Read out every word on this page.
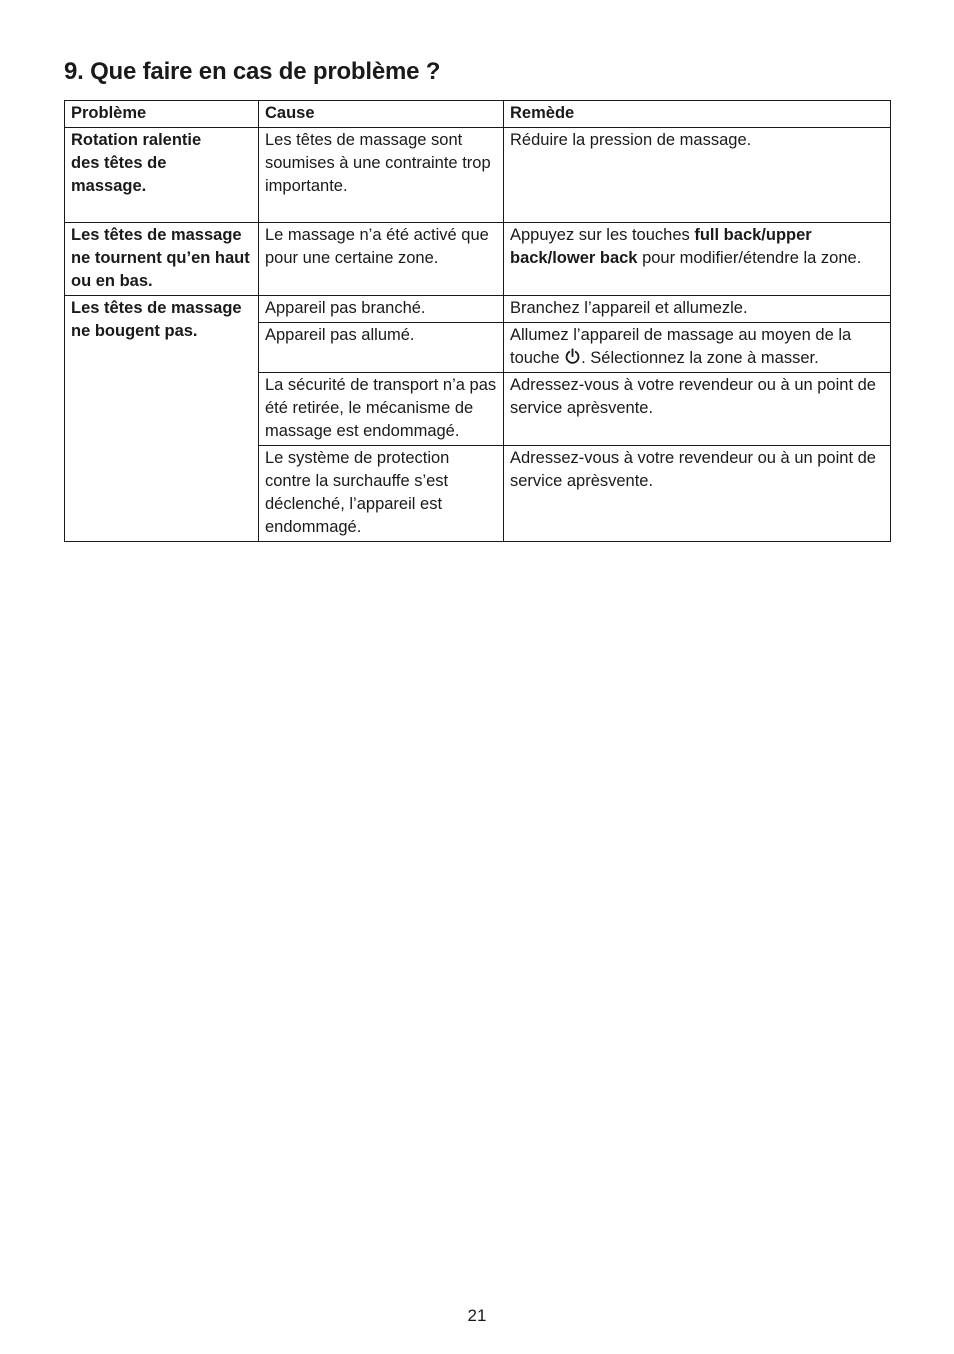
9. Que faire en cas de problème ?
Problème	Cause	Remède
Rotation ralentie des têtes de massage.	Les têtes de massage sont soumises à une contrainte trop importante.	Réduire la pression de massage.
Les têtes de massage ne tournent qu’en haut ou en bas.	Le massage n’a été activé que pour une certaine zone.	Appuyez sur les touches full back/upper back/lower back pour modifier/étendre la zone.
Les têtes de massage ne bougent pas.	Appareil pas branché.	Branchez l’appareil et allumezle.
	Appareil pas allumé.	Allumez l’appareil de massage au moyen de la touche . Sélectionnez la zone à masser.
	La sécurité de transport n’a pas été retirée, le mécanisme de massage est endommagé.	Adressez-vous à votre revendeur ou à un point de service aprèsvente.
	Le système de protection contre la surchauffe s’est déclenché, l’appareil est endommagé.	Adressez-vous à votre revendeur ou à un point de service aprèsvente.
21
